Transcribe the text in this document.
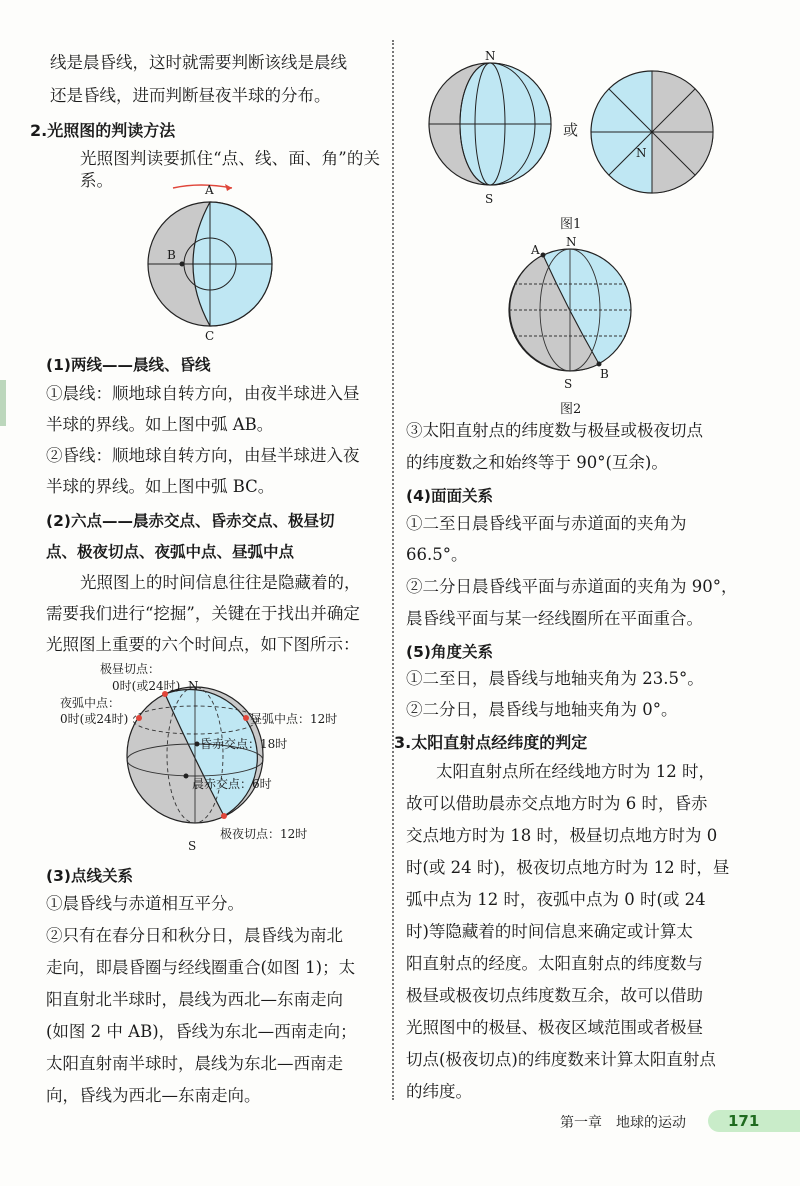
线是晨昏线，这时就需要判断该线是晨线

还是昏线，进而判断昼夜半球的分布。

2.光照图的判读方法

光照图判读要抓住“点、线、面、角”的关系。	A
B
C
(1)两线——晨线、昏线

①晨线：顺地球自转方向，由夜半球进入昼

半球的界线。如上图中弧 AB。

②昏线：顺地球自转方向，由昼半球进入夜

半球的界线。如上图中弧 BC。

(2)六点——晨赤交点、昏赤交点、极昼切
点、极夜切点、夜弧中点、昼弧中点

光照图上的时间信息往往是隐藏着的，

需要我们进行“挖掘”，关键在于找出并确定

光照图上重要的六个时间点，如下图所示：

极昼切点：
0时(或24时) N
夜弧中点：
0时(或24时)	昼弧中点：12时
昏赤交点：18时
晨赤交点：6时
极夜切点：12时
S
(3)点线关系

①晨昏线与赤道相互平分。

②只有在春分日和秋分日，晨昏线为南北

走向，即晨昏圈与经线圈重合(如图 1)；太

阳直射北半球时，晨线为西北—东南走向

(如图 2 中 AB)，昏线为东北—西南走向；

太阳直射南半球时，晨线为东北—西南走

向，昏线为西北—东南走向。

N
S
或
N
图1
A
N
S
B
图2

③太阳直射点的纬度数与极昼或极夜切点

的纬度数之和始终等于 90°(互余)。

(4)面面关系

①二至日晨昏线平面与赤道面的夹角为

66.5°。

②二分日晨昏线平面与赤道面的夹角为 90°，

晨昏线平面与某一经线圈所在平面重合。

(5)角度关系

①二至日，晨昏线与地轴夹角为 23.5°。

②二分日，晨昏线与地轴夹角为 0°。

3.太阳直射点经纬度的判定

太阳直射点所在经线地方时为 12 时，

故可以借助晨赤交点地方时为 6 时，昏赤

交点地方时为 18 时，极昼切点地方时为 0

时(或 24 时)，极夜切点地方时为 12 时，昼

弧中点为 12 时，夜弧中点为 0 时(或 24

时)等隐藏着的时间信息来确定或计算太

阳直射点的经度。太阳直射点的纬度数与

极昼或极夜切点纬度数互余，故可以借助

光照图中的极昼、极夜区域范围或者极昼

切点(极夜切点)的纬度数来计算太阳直射点

的纬度。

第一章　地球的运动	171
